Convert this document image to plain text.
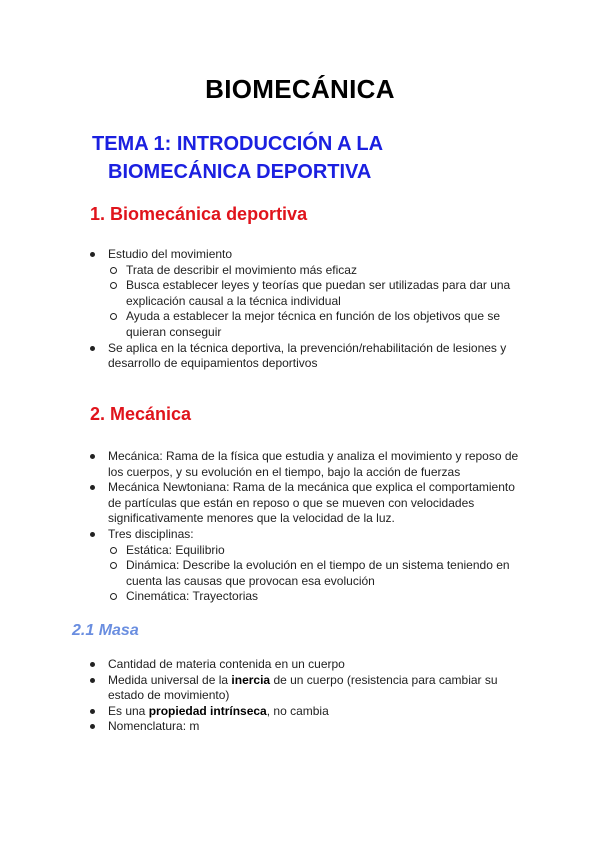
BIOMECÁNICA
TEMA 1: INTRODUCCIÓN A LA
BIOMECÁNICA DEPORTIVA
1. Biomecánica deportiva
Estudio del movimiento
Trata de describir el movimiento más eficaz
Busca establecer leyes y teorías que puedan ser utilizadas para dar una explicación causal a la técnica individual
Ayuda a establecer la mejor técnica en función de los objetivos que se quieran conseguir
Se aplica en la técnica deportiva, la prevención/rehabilitación de lesiones y desarrollo de equipamientos deportivos
2. Mecánica
Mecánica: Rama de la física que estudia y analiza el movimiento y reposo de los cuerpos, y su evolución en el tiempo, bajo la acción de fuerzas
Mecánica Newtoniana: Rama de la mecánica que explica el comportamiento de partículas que están en reposo o que se mueven con velocidades significativamente menores que la velocidad de la luz.
Tres disciplinas:
Estática: Equilibrio
Dinámica: Describe la evolución en el tiempo de un sistema teniendo en cuenta las causas que provocan esa evolución
Cinemática: Trayectorias
2.1 Masa
Cantidad de materia contenida en un cuerpo
Medida universal de la inercia de un cuerpo (resistencia para cambiar su estado de movimiento)
Es una propiedad intrínseca, no cambia
Nomenclatura: m
